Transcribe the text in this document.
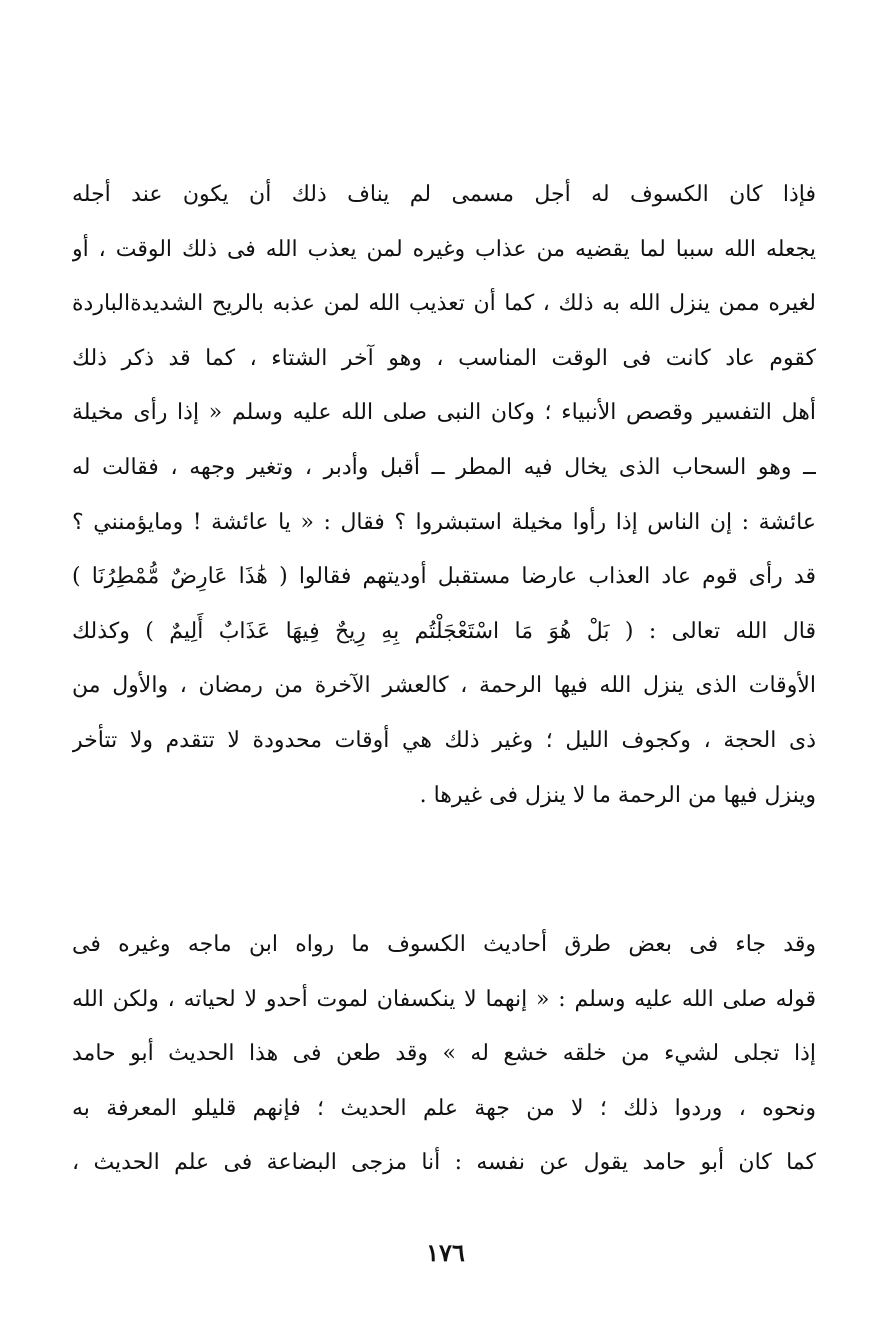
فإذا كان الكسوف له أجل مسمى لم يناف ذلك أن يكون عند أجله
يجعله الله سببا لما يقضيه من عذاب وغيره لمن يعذب الله فى ذلك الوقت ، أو
لغيره ممن ينزل الله به ذلك ، كما أن تعذيب الله لمن عذبه بالريح الشديدةالباردة
كقوم عاد كانت فى الوقت المناسب ، وهو آخر الشتاء ، كما قد ذكر ذلك
أهل التفسير وقصص الأنبياء ؛ وكان النبى صلى الله عليه وسلم « إذا رأى مخيلة
ــ وهو السحاب الذى يخال فيه المطر ــ أقبل وأدبر ، وتغير وجهه ، فقالت له
عائشة : إن الناس إذا رأوا مخيلة استبشروا ؟ فقال : « يا عائشة ! ومايؤمنني ؟
قد رأى قوم عاد العذاب عارضا مستقبل أوديتهم فقالوا ( هَٰذَا عَارِضٌ مُّمْطِرُنَا )
قال الله تعالى : ( بَلْ هُوَ مَا اسْتَعْجَلْتُم بِهِ رِيحٌ فِيهَا عَذَابٌ أَلِيمٌ ) وكذلك
الأوقات الذى ينزل الله فيها الرحمة ، كالعشر الآخرة من رمضان ، والأول من
ذى الحجة ، وكجوف الليل ؛ وغير ذلك هي أوقات محدودة لا تتقدم ولا تتأخر
وينزل فيها من الرحمة ما لا ينزل فى غيرها .
وقد جاء فى بعض طرق أحاديث الكسوف ما رواه ابن ماجه وغيره فى
قوله صلى الله عليه وسلم : « إنهما لا ينكسفان لموت أحدو لا لحياته ، ولكن الله
إذا تجلى لشيء من خلقه خشع له » وقد طعن فى هذا الحديث أبو حامد
ونحوه ، وردوا ذلك ؛ لا من جهة علم الحديث ؛ فإنهم قليلو المعرفة به
كما كان أبو حامد يقول عن نفسه : أنا مزجى البضاعة فى علم الحديث ،
١٧٦
